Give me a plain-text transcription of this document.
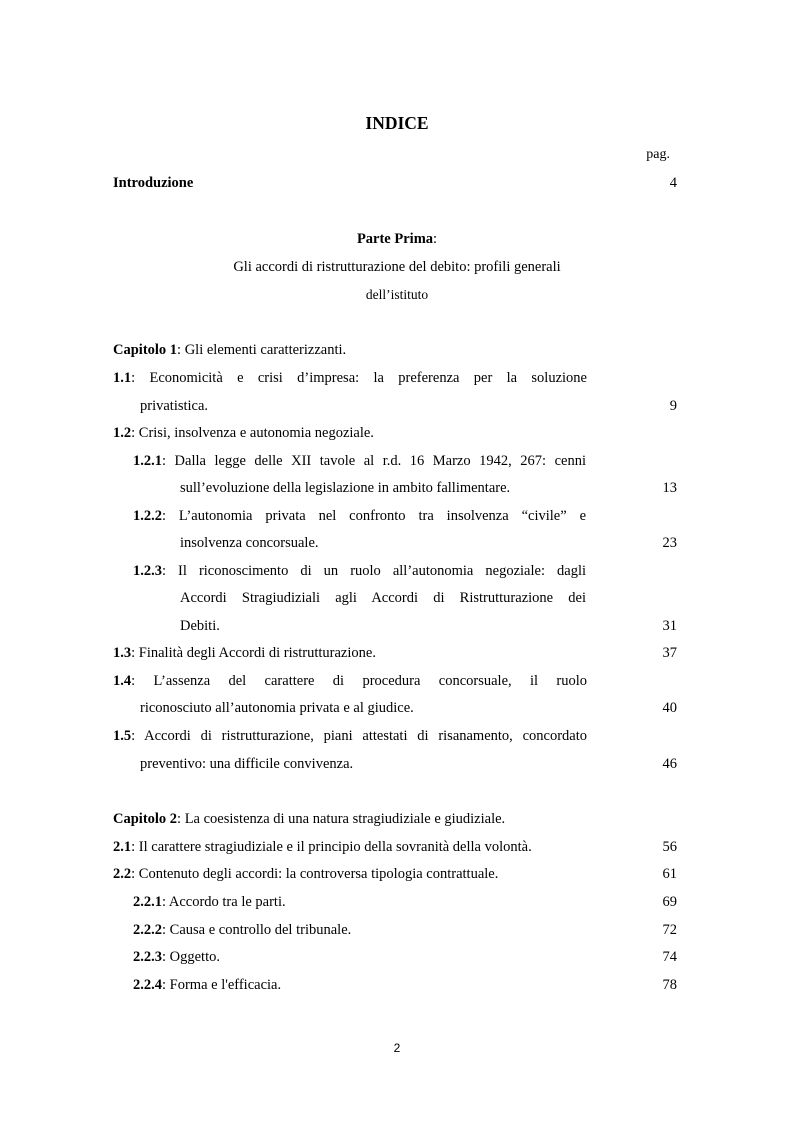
INDICE
pag.
Introduzione	4
Parte Prima:
Gli accordi di ristrutturazione del debito: profili generali
dell’istituto
Capitolo 1: Gli elementi caratterizzanti.
1.1: Economicità e crisi d’impresa: la preferenza per la soluzione
privatistica.	9
1.2: Crisi, insolvenza e autonomia negoziale.
1.2.1: Dalla legge delle XII tavole al r.d. 16 Marzo 1942, 267: cenni
sull’evoluzione della legislazione in ambito fallimentare.	13
1.2.2: L’autonomia privata nel confronto tra insolvenza “civile” e
insolvenza concorsuale.	23
1.2.3: Il riconoscimento di un ruolo all’autonomia negoziale: dagli
Accordi Stragiudiziali agli Accordi di Ristrutturazione dei
Debiti.	31
1.3: Finalità degli Accordi di ristrutturazione.	37
1.4: L’assenza del carattere di procedura concorsuale, il ruolo
riconosciuto all’autonomia privata e al giudice.	40
1.5: Accordi di ristrutturazione, piani attestati di risanamento, concordato
preventivo: una difficile convivenza.	46
Capitolo 2: La coesistenza di una natura stragiudiziale e giudiziale.
2.1: Il carattere stragiudiziale e il principio della sovranità della volontà.	56
2.2: Contenuto degli accordi: la controversa tipologia contrattuale.	61
2.2.1: Accordo tra le parti.	69
2.2.2: Causa e controllo del tribunale.	72
2.2.3: Oggetto.	74
2.2.4: Forma e l'efficacia.	78
2
